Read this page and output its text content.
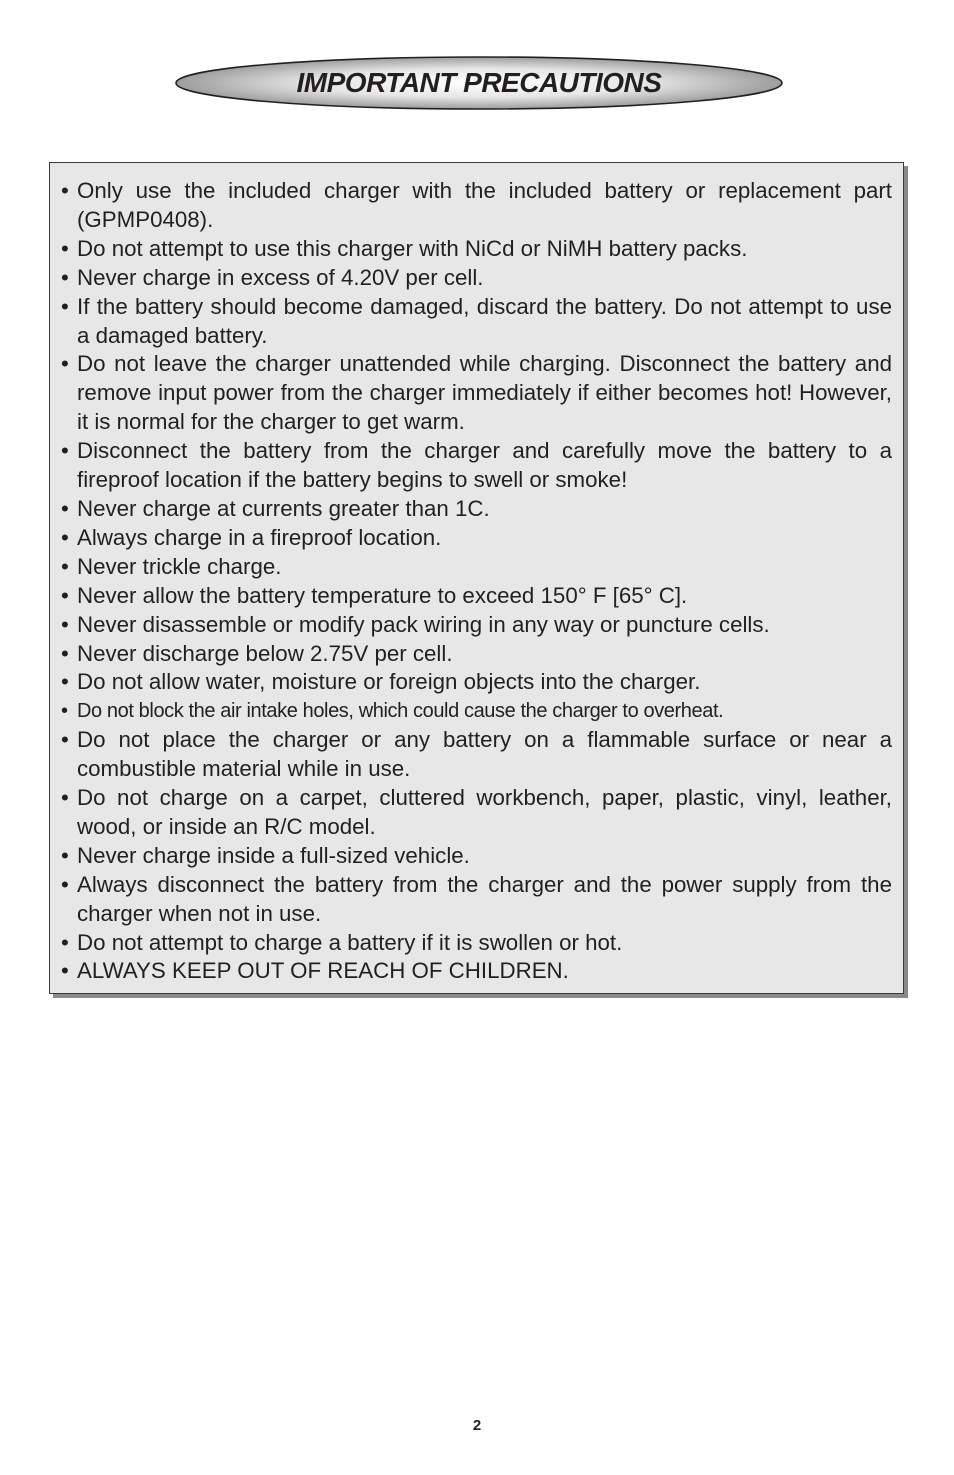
IMPORTANT PRECAUTIONS
• Only use the included charger with the included battery or replacement part (GPMP0408).
• Do not attempt to use this charger with NiCd or NiMH battery packs.
• Never charge in excess of 4.20V per cell.
• If the battery should become damaged, discard the battery. Do not attempt to use a damaged battery.
• Do not leave the charger unattended while charging. Disconnect the battery and remove input power from the charger immediately if either becomes hot! However, it is normal for the charger to get warm.
• Disconnect the battery from the charger and carefully move the battery to a fireproof location if the battery begins to swell or smoke!
• Never charge at currents greater than 1C.
• Always charge in a fireproof location.
• Never trickle charge.
• Never allow the battery temperature to exceed 150° F [65° C].
• Never disassemble or modify pack wiring in any way or puncture cells.
• Never discharge below 2.75V per cell.
• Do not allow water, moisture or foreign objects into the charger.
• Do not block the air intake holes, which could cause the charger to overheat.
• Do not place the charger or any battery on a flammable surface or near a combustible material while in use.
• Do not charge on a carpet, cluttered workbench, paper, plastic, vinyl, leather, wood, or inside an R/C model.
• Never charge inside a full-sized vehicle.
• Always disconnect the battery from the charger and the power supply from the charger when not in use.
• Do not attempt to charge a battery if it is swollen or hot.
• ALWAYS KEEP OUT OF REACH OF CHILDREN.
2
